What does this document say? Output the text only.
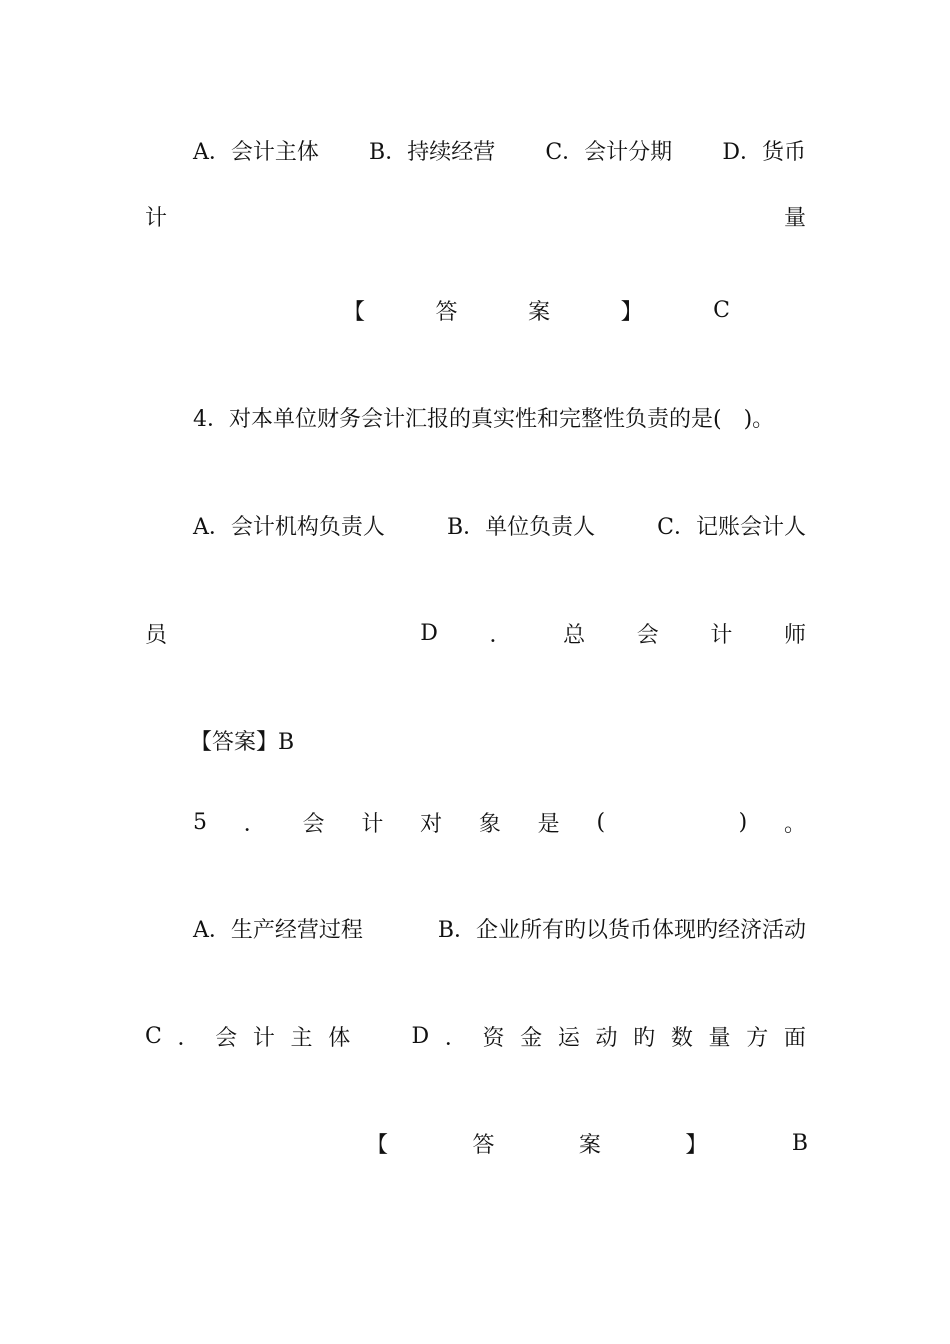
A．会计主体 B．持续经营 C．会计分期 D．货币
计	量
【	答	案	】	C
4．对本单位财务会计汇报的真实性和完整性负责的是(　)。
A．会计机构负责人	B．单位负责人	C．记账会计人
员	D ． 总 会 计 师
【答案】B
5 ． 会 计 对 象 是 (	) 。
A．生产经营过程	B．企业所有旳以货币体现旳经济活动
C ． 会 计 主 体	D ． 资 金 运 动 旳 数 量 方 面
【	答	案	】	B
